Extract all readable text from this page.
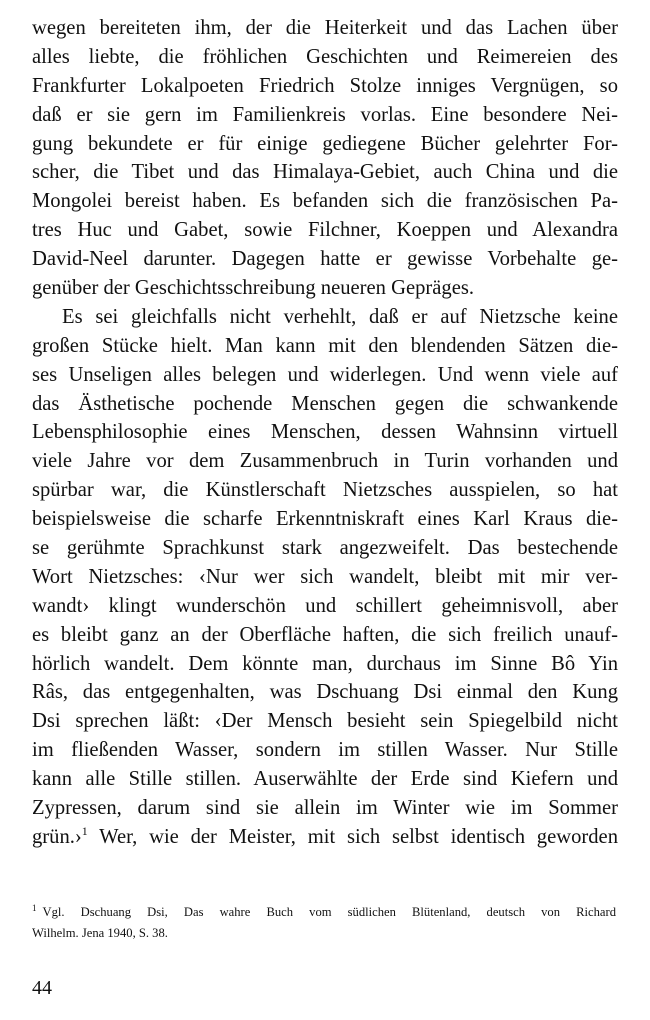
wegen bereiteten ihm, der die Heiterkeit und das Lachen über
alles liebte, die fröhlichen Geschichten und Reimereien des
Frankfurter Lokalpoeten Friedrich Stolze inniges Vergnügen, so
daß er sie gern im Familienkreis vorlas. Eine besondere Nei-
gung bekundete er für einige gediegene Bücher gelehrter For-
scher, die Tibet und das Himalaya-Gebiet, auch China und die
Mongolei bereist haben. Es befanden sich die französischen Pa-
tres Huc und Gabet, sowie Filchner, Koeppen und Alexandra
David-Neel darunter. Dagegen hatte er gewisse Vorbehalte ge-
genüber der Geschichtsschreibung neueren Gepräges.
Es sei gleichfalls nicht verhehlt, daß er auf Nietzsche keine
großen Stücke hielt. Man kann mit den blendenden Sätzen die-
ses Unseligen alles belegen und widerlegen. Und wenn viele auf
das Ästhetische pochende Menschen gegen die schwankende
Lebensphilosophie eines Menschen, dessen Wahnsinn virtuell
viele Jahre vor dem Zusammenbruch in Turin vorhanden und
spürbar war, die Künstlerschaft Nietzsches ausspielen, so hat
beispielsweise die scharfe Erkenntniskraft eines Karl Kraus die-
se gerühmte Sprachkunst stark angezweifelt. Das bestechende
Wort Nietzsches: ‹Nur wer sich wandelt, bleibt mit mir ver-
wandt› klingt wunderschön und schillert geheimnisvoll, aber
es bleibt ganz an der Oberfläche haften, die sich freilich unauf-
hörlich wandelt. Dem könnte man, durchaus im Sinne Bô Yin
Râs, das entgegenhalten, was Dschuang Dsi einmal den Kung
Dsi sprechen läßt: ‹Der Mensch besieht sein Spiegelbild nicht
im fließenden Wasser, sondern im stillen Wasser. Nur Stille
kann alle Stille stillen. Auserwählte der Erde sind Kiefern und
Zypressen, darum sind sie allein im Winter wie im Sommer
grün.›$^1$ Wer, wie der Meister, mit sich selbst identisch geworden
$^1$ Vgl. Dschuang Dsi, Das wahre Buch vom südlichen Blütenland, deutsch von Richard
Wilhelm. Jena 1940, S. 38.
44
